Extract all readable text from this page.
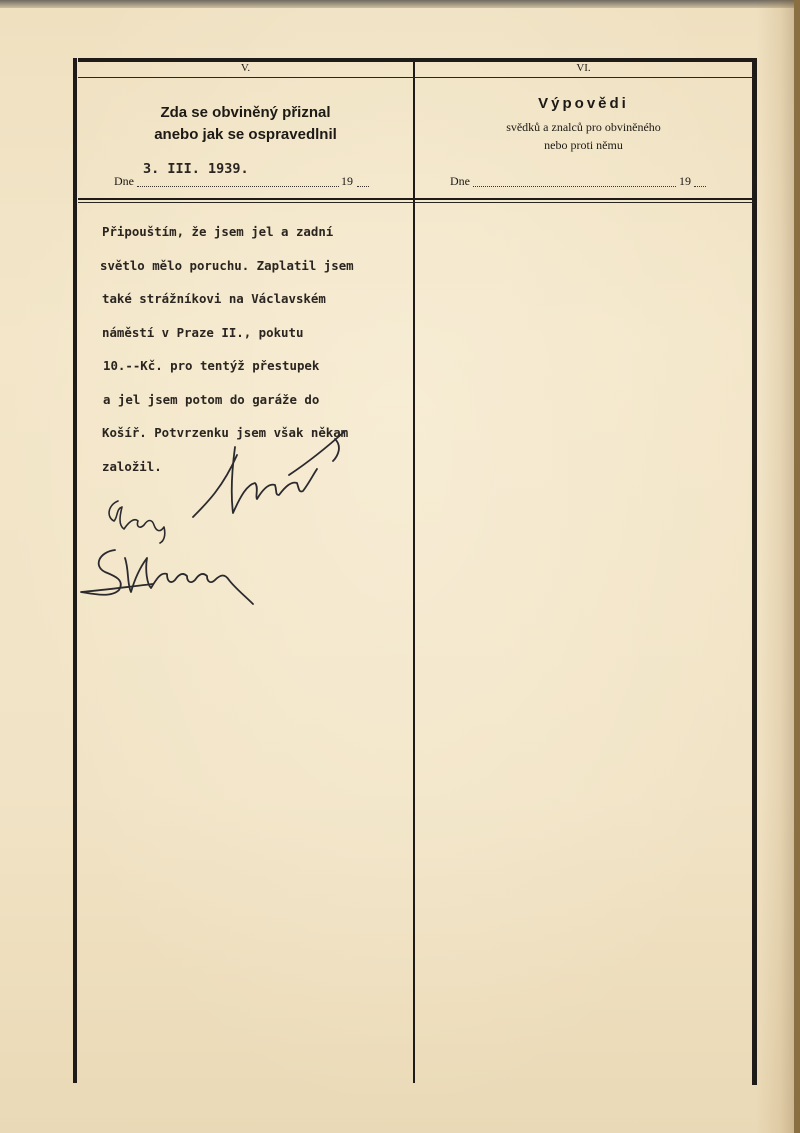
V.	VI.
Zda se obviněný přiznal
anebo jak se ospravedlnil
Dne
3. III. 1939.
19
Výpovědi
svědků a znalců pro obviněného
nebo proti němu
Dne	19
Připouštím, že jsem jel a zadní
světlo mělo poruchu. Zaplatil jsem
také strážníkovi na Václavském
náměstí v Praze II., pokutu
10.--Kč. pro tentýž přestupek
a jel jsem potom do garáže do
Košíř. Potvrzenku jsem však někam
založil.
